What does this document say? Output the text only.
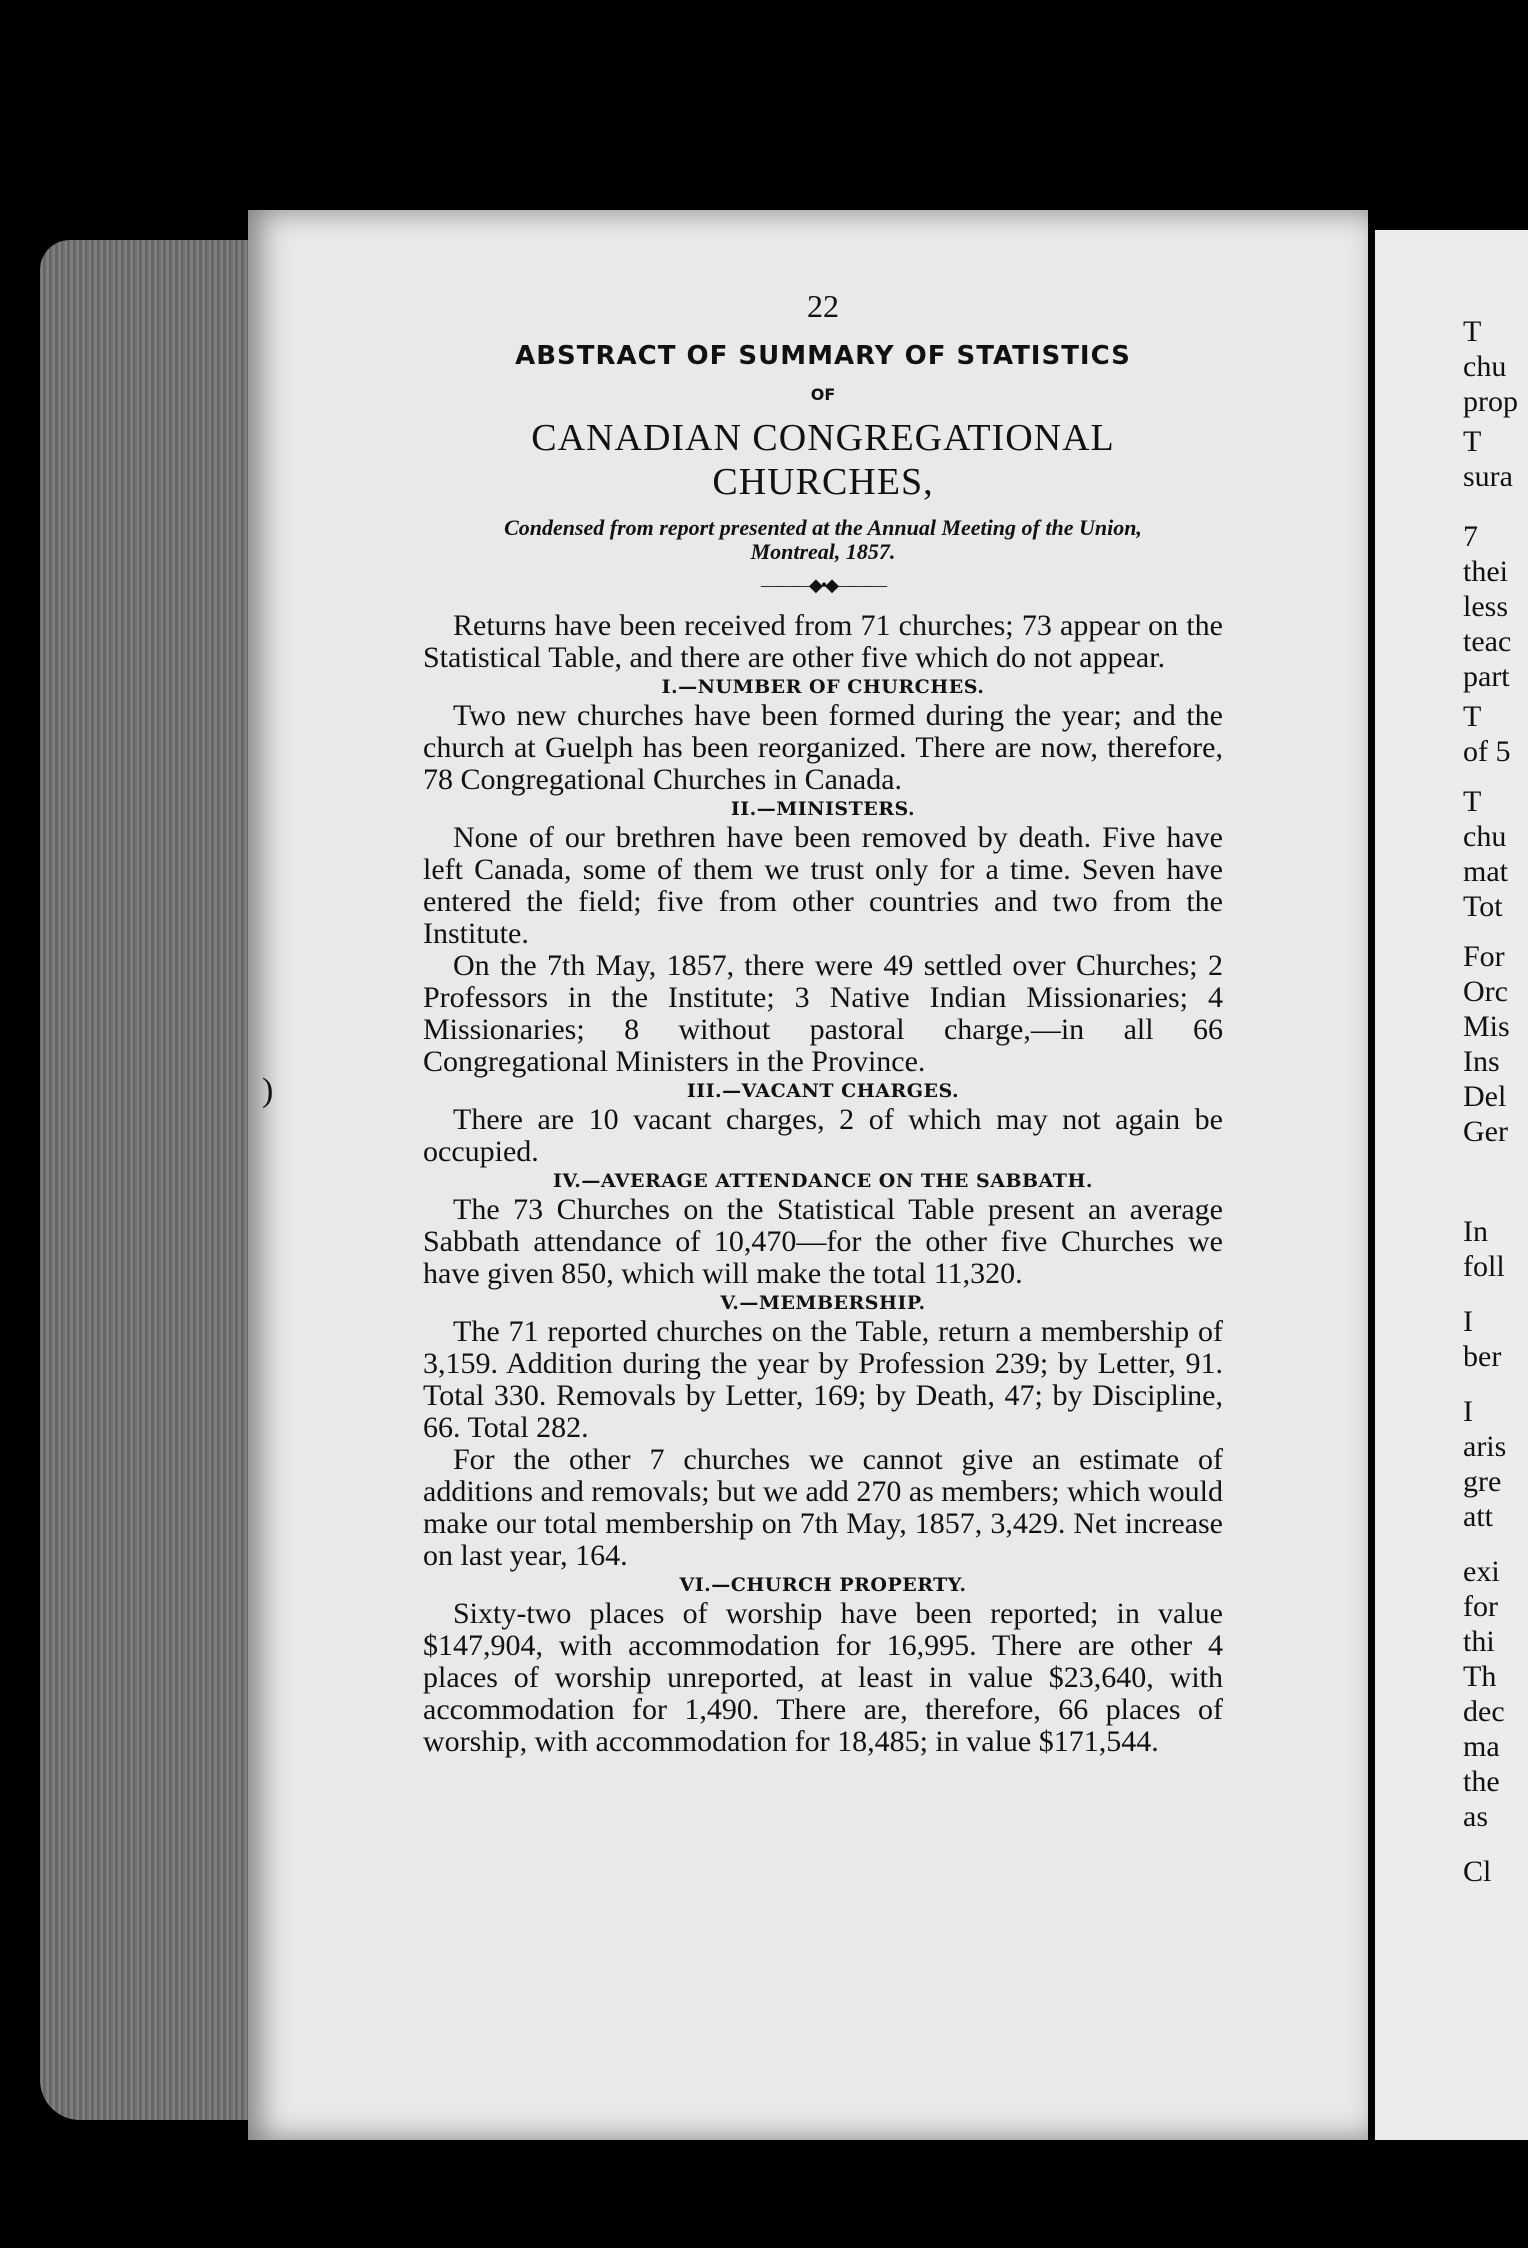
22
ABSTRACT OF SUMMARY OF STATISTICS
OF
CANADIAN CONGREGATIONAL CHURCHES,
Condensed from report presented at the Annual Meeting of the Union,
Montreal, 1857.
———◆•◆———

Returns have been received from 71 churches; 73 appear on the Statistical Table, and there are other five which do not appear.

I.—NUMBER OF CHURCHES.

Two new churches have been formed during the year; and the church at Guelph has been reorganized. There are now, therefore, 78 Congregational Churches in Canada.

II.—MINISTERS.

None of our brethren have been removed by death. Five have left Canada, some of them we trust only for a time. Seven have entered the field; five from other countries and two from the Institute.

On the 7th May, 1857, there were 49 settled over Churches; 2 Professors in the Institute; 3 Native Indian Missionaries; 4 Missionaries; 8 without pastoral charge,—in all 66 Congregational Ministers in the Province.

III.—VACANT CHARGES.

There are 10 vacant charges, 2 of which may not again be occupied.

IV.—AVERAGE ATTENDANCE ON THE SABBATH.

The 73 Churches on the Statistical Table present an average Sabbath attendance of 10,470—for the other five Churches we have given 850, which will make the total 11,320.

V.—MEMBERSHIP.

The 71 reported churches on the Table, return a membership of 3,159. Addition during the year by Profession 239; by Letter, 91. Total 330. Removals by Letter, 169; by Death, 47; by Discipline, 66. Total 282.

For the other 7 churches we cannot give an estimate of additions and removals; but we add 270 as members; which would make our total membership on 7th May, 1857, 3,429. Net increase on last year, 164.

VI.—CHURCH PROPERTY.

Sixty-two places of worship have been reported; in value $147,904, with accommodation for 16,995. There are other 4 places of worship unreported, at least in value $23,640, with accommodation for 1,490. There are, therefore, 66 places of worship, with accommodation for 18,485; in value $171,544.

)
T
chu
prop
T
sura
7
thei
less
teac
part
T
of 5
T
chu
mat
Tot
For
Orc
Mis
Ins
Del
Ger
In
foll
I
ber
I
aris
gre
att
exi
for
thi
Th
dec
ma
the
as
Cl
